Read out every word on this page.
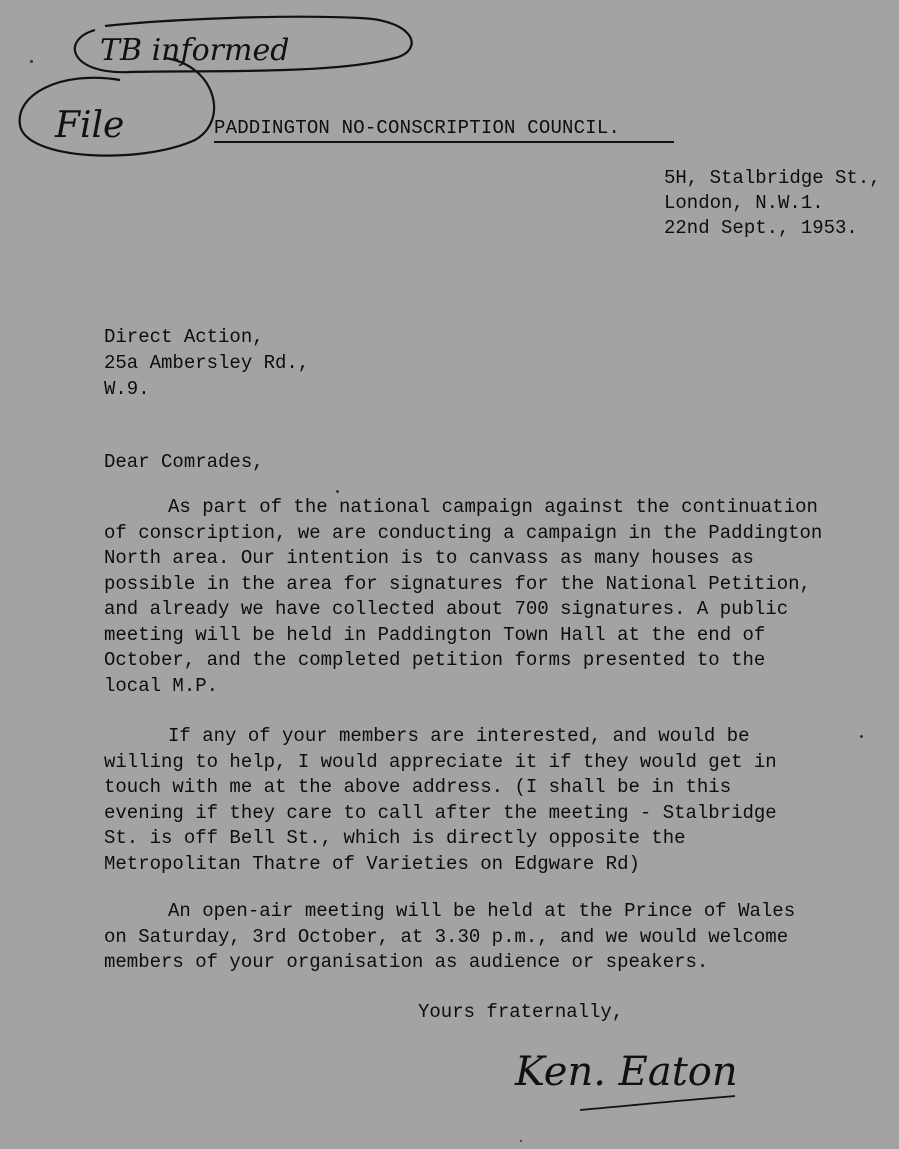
TB informed
File	PADDINGTON NO-CONSCRIPTION COUNCIL.
5H, Stalbridge St.,
London, N.W.1.
22nd Sept., 1953.
Direct Action,
25a Ambersley Rd.,
W.9.
Dear Comrades,
As part of the national campaign against the continuation
of conscription, we are conducting a campaign in the Paddington
North area. Our intention is to canvass as many houses as
possible in the area for signatures for the National Petition,
and already we have collected about 700 signatures. A public
meeting will be held in Paddington Town Hall at the end of
October, and the completed petition forms presented to the
local M.P.
If any of your members are interested, and would be
willing to help, I would appreciate it if they would get in
touch with me at the above address. (I shall be in this
evening if they care to call after the meeting - Stalbridge
St. is off Bell St., which is directly opposite the
Metropolitan Thatre of Varieties on Edgware Rd)
An open-air meeting will be held at the Prince of Wales
on Saturday, 3rd October, at 3.30 p.m., and we would welcome
members of your organisation as audience or speakers.
Yours fraternally,
Ken. Eaton
